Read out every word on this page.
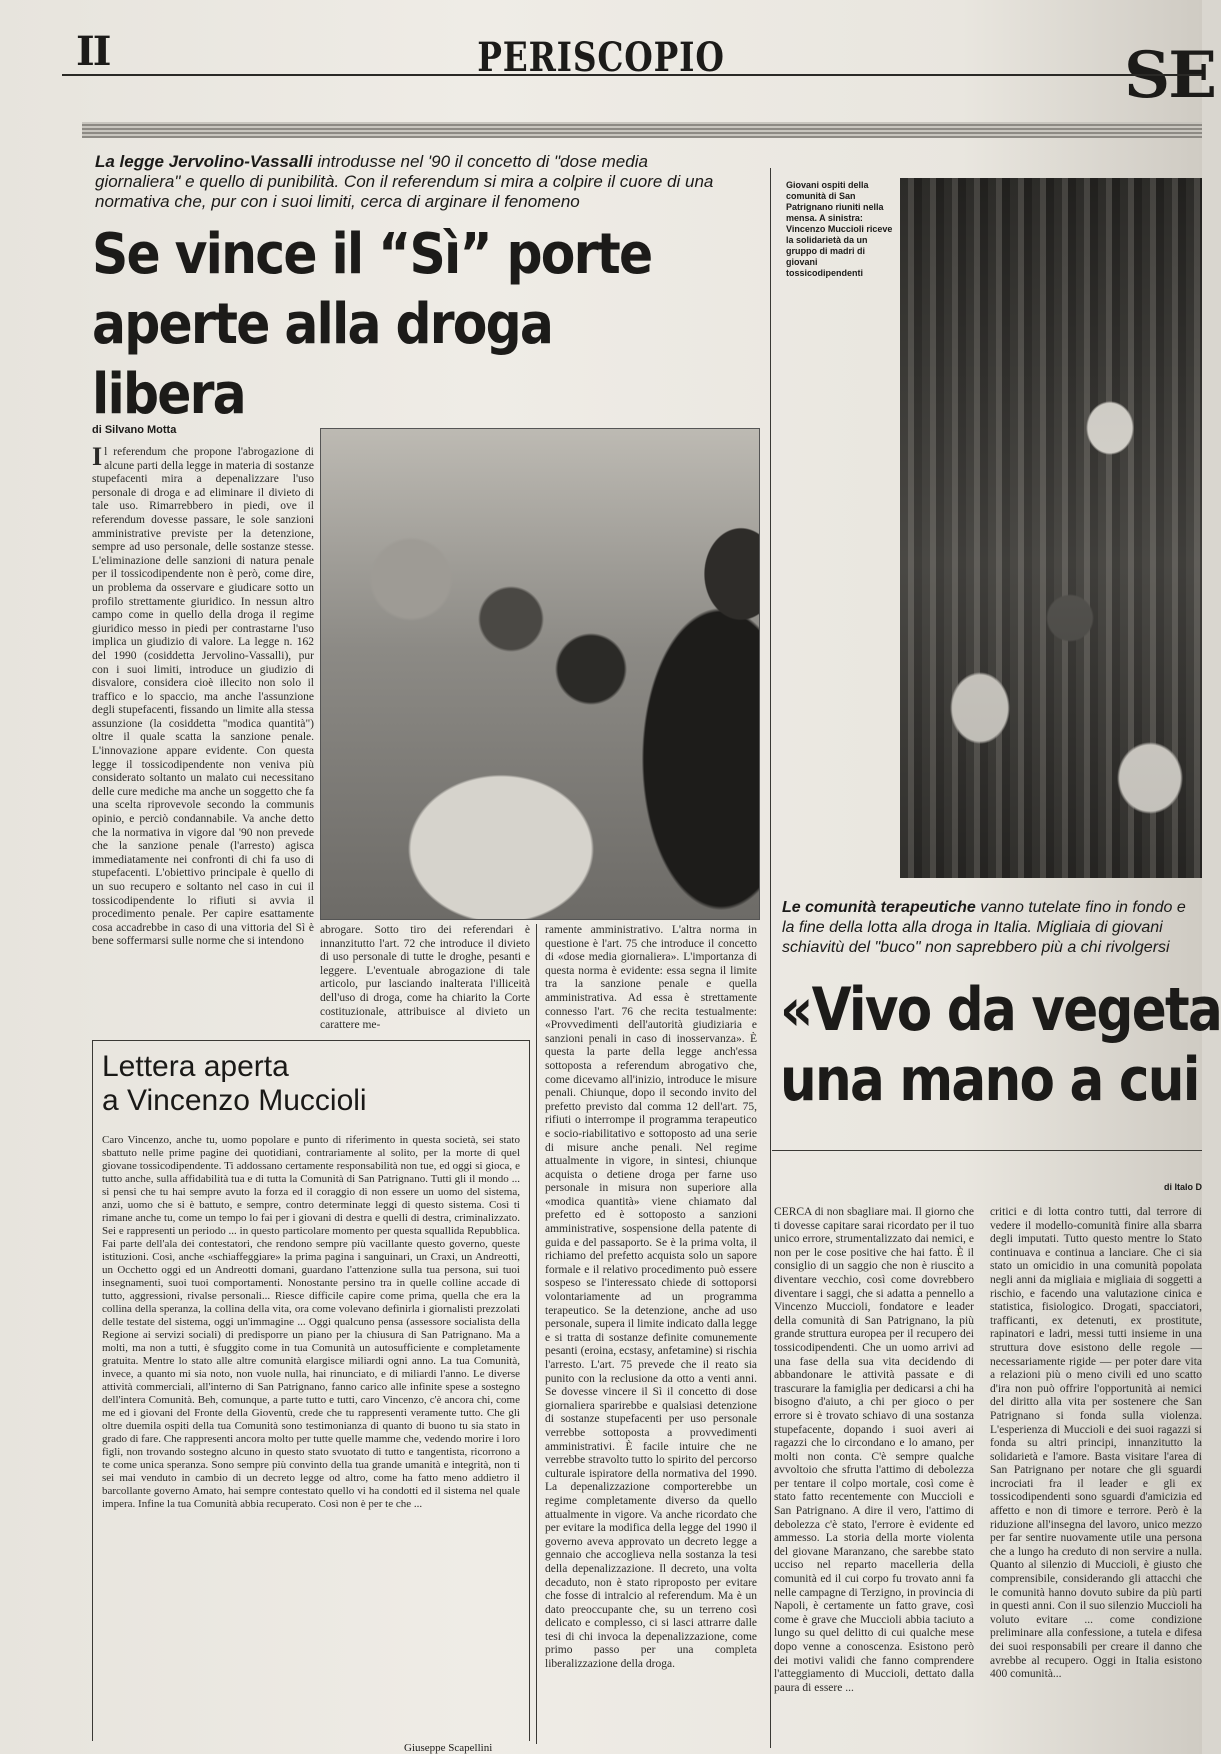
II	PERISCOPIO	SE
La legge Jervolino-Vassalli introdusse nel '90 il concetto di "dose media giornaliera" e quello di punibilità. Con il referendum si mira a colpire il cuore di una normativa che, pur con i suoi limiti, cerca di arginare il fenomeno
Se vince il “Sì” porte
aperte alla droga libera
di Silvano Motta
Il referendum che propone l'abrogazione di alcune parti della legge in materia di sostanze stupefacenti mira a depenalizzare l'uso personale di droga e ad eliminare il divieto di tale uso. Rimarrebbero in piedi, ove il referendum dovesse passare, le sole sanzioni amministrative previste per la detenzione, sempre ad uso personale, delle sostanze stesse. L'eliminazione delle sanzioni di natura penale per il tossicodipendente non è però, come dire, un problema da osservare e giudicare sotto un profilo strettamente giuridico. In nessun altro campo come in quello della droga il regime giuridico messo in piedi per contrastarne l'uso implica un giudizio di valore. La legge n. 162 del 1990 (cosiddetta Jervolino-Vassalli), pur con i suoi limiti, introduce un giudizio di disvalore, considera cioè illecito non solo il traffico e lo spaccio, ma anche l'assunzione degli stupefacenti, fissando un limite alla stessa assunzione (la cosiddetta "modica quantità") oltre il quale scatta la sanzione penale. L'innovazione appare evidente. Con questa legge il tossicodipendente non veniva più considerato soltanto un malato cui necessitano delle cure mediche ma anche un soggetto che fa una scelta riprovevole secondo la communis opinio, e perciò condannabile. Va anche detto che la normativa in vigore dal '90 non prevede che la sanzione penale (l'arresto) agisca immediatamente nei confronti di chi fa uso di stupefacenti. L'obiettivo principale è quello di un suo recupero e soltanto nel caso in cui il tossicodipendente lo rifiuti si avvia il procedimento penale. Per capire esattamente cosa accadrebbe in caso di una vittoria del Sì è bene soffermarsi sulle norme che si intendono
abrogare. Sotto tiro dei referendari è innanzitutto l'art. 72 che introduce il divieto di uso personale di tutte le droghe, pesanti e leggere. L'eventuale abrogazione di tale articolo, pur lasciando inalterata l'illiceità dell'uso di droga, come ha chiarito la Corte costituzionale, attribuisce al divieto un carattere me-
ramente amministrativo. L'altra norma in questione è l'art. 75 che introduce il concetto di «dose media giornaliera». L'importanza di questa norma è evidente: essa segna il limite tra la sanzione penale e quella amministrativa. Ad essa è strettamente connesso l'art. 76 che recita testualmente: «Provvedimenti dell'autorità giudiziaria e sanzioni penali in caso di inosservanza». È questa la parte della legge anch'essa sottoposta a referendum abrogativo che, come dicevamo all'inizio, introduce le misure penali. Chiunque, dopo il secondo invito del prefetto previsto dal comma 12 dell'art. 75, rifiuti o interrompe il programma terapeutico e socio-riabilitativo e sottoposto ad una serie di misure anche penali. Nel regime attualmente in vigore, in sintesi, chiunque acquista o detiene droga per farne uso personale in misura non superiore alla «modica quantità» viene chiamato dal prefetto ed è sottoposto a sanzioni amministrative, sospensione della patente di guida e del passaporto. Se è la prima volta, il richiamo del prefetto acquista solo un sapore formale e il relativo procedimento può essere sospeso se l'interessato chiede di sottoporsi volontariamente ad un programma terapeutico. Se la detenzione, anche ad uso personale, supera il limite indicato dalla legge e si tratta di sostanze definite comunemente pesanti (eroina, ecstasy, anfetamine) si rischia l'arresto. L'art. 75 prevede che il reato sia punito con la reclusione da otto a venti anni. Se dovesse vincere il Sì il concetto di dose giornaliera sparirebbe e qualsiasi detenzione di sostanze stupefacenti per uso personale verrebbe sottoposta a provvedimenti amministrativi. È facile intuire che ne verrebbe stravolto tutto lo spirito del percorso culturale ispiratore della normativa del 1990. La depenalizzazione comporterebbe un regime completamente diverso da quello attualmente in vigore. Va anche ricordato che per evitare la modifica della legge del 1990 il governo aveva approvato un decreto legge a gennaio che accoglieva nella sostanza la tesi della depenalizzazione. Il decreto, una volta decaduto, non è stato riproposto per evitare che fosse di intralcio al referendum. Ma è un dato preoccupante che, su un terreno così delicato e complesso, ci si lasci attrarre dalle tesi di chi invoca la depenalizzazione, come primo passo per una completa liberalizzazione della droga.
Giovani ospiti della comunità di San Patrignano riuniti nella mensa. A sinistra: Vincenzo Muccioli riceve la solidarietà da un gruppo di madri di giovani tossicodipendenti
Le comunità terapeutiche vanno tutelate fino in fondo e
la fine della lotta alla droga in Italia. Migliaia di giovani
schiavitù del "buco" non saprebbero più a chi rivolgersi
«Vivo da vegeta
una mano a cui
di Italo D
CERCA di non sbagliare mai. Il giorno che ti dovesse capitare sarai ricordato per il tuo unico errore, strumentalizzato dai nemici, e non per le cose positive che hai fatto. È il consiglio di un saggio che non è riuscito a diventare vecchio, così come dovrebbero diventare i saggi, che si adatta a pennello a Vincenzo Muccioli, fondatore e leader della comunità di San Patrignano, la più grande struttura europea per il recupero dei tossicodipendenti. Che un uomo arrivi ad una fase della sua vita decidendo di abbandonare le attività passate e di trascurare la famiglia per dedicarsi a chi ha bisogno d'aiuto, a chi per gioco o per errore si è trovato schiavo di una sostanza stupefacente, dopando i suoi averi ai ragazzi che lo circondano e lo amano, per molti non conta. C'è sempre qualche avvoltoio che sfrutta l'attimo di debolezza per tentare il colpo mortale, così come è stato fatto recentemente con Muccioli e San Patrignano. A dire il vero, l'attimo di debolezza c'è stato, l'errore è evidente ed ammesso. La storia della morte violenta del giovane Maranzano, che sarebbe stato ucciso nel reparto macelleria della comunità ed il cui corpo fu trovato anni fa nelle campagne di Terzigno, in provincia di Napoli, è certamente un fatto grave, così come è grave che Muccioli abbia taciuto a lungo su quel delitto di cui qualche mese dopo venne a conoscenza. Esistono però dei motivi validi che fanno comprendere l'atteggiamento di Muccioli, dettato dalla paura di essere ...
critici e di lotta contro tutti, dal terrore di vedere il modello-comunità finire alla sbarra degli imputati. Tutto questo mentre lo Stato continuava e continua a lanciare. Che ci sia stato un omicidio in una comunità popolata negli anni da migliaia e migliaia di soggetti a rischio, e facendo una valutazione cinica e statistica, fisiologico. Drogati, spacciatori, trafficanti, ex detenuti, ex prostitute, rapinatori e ladri, messi tutti insieme in una struttura dove esistono delle regole — necessariamente rigide — per poter dare vita a relazioni più o meno civili ed uno scatto d'ira non può offrire l'opportunità ai nemici del diritto alla vita per sostenere che San Patrignano si fonda sulla violenza. L'esperienza di Muccioli e dei suoi ragazzi si fonda su altri principi, innanzitutto la solidarietà e l'amore. Basta visitare l'area di San Patrignano per notare che gli sguardi incrociati fra il leader e gli ex tossicodipendenti sono sguardi d'amicizia ed affetto e non di timore e terrore. Però è la riduzione all'insegna del lavoro, unico mezzo per far sentire nuovamente utile una persona che a lungo ha creduto di non servire a nulla. Quanto al silenzio di Muccioli, è giusto che comprensibile, considerando gli attacchi che le comunità hanno dovuto subire da più parti in questi anni. Con il suo silenzio Muccioli ha voluto evitare ... come condizione preliminare alla confessione, a tutela e difesa dei suoi responsabili per creare il danno che avrebbe al recupero. Oggi in Italia esistono 400 comunità...
Lettera aperta
a Vincenzo Muccioli
Caro Vincenzo, anche tu, uomo popolare e punto di riferimento in questa società, sei stato sbattuto nelle prime pagine dei quotidiani, contrariamente al solito, per la morte di quel giovane tossicodipendente. Ti addossano certamente responsabilità non tue, ed oggi si gioca, e tutto anche, sulla affidabilità tua e di tutta la Comunità di San Patrignano. Tutti gli il mondo ... si pensi che tu hai sempre avuto la forza ed il coraggio di non essere un uomo del sistema, anzi, uomo che si è battuto, e sempre, contro determinate leggi di questo sistema. Così ti rimane anche tu, come un tempo lo fai per i giovani di destra e quelli di destra, criminalizzato. Sei e rappresenti un periodo ... in questo particolare momento per questa squallida Repubblica. Fai parte dell'ala dei contestatori, che rendono sempre più vacillante questo governo, queste istituzioni. Così, anche «schiaffeggiare» la prima pagina i sanguinari, un Craxi, un Andreotti, un Occhetto oggi ed un Andreotti domani, guardano l'attenzione sulla tua persona, sui tuoi insegnamenti, suoi tuoi comportamenti. Nonostante persino tra in quelle colline accade di tutto, aggressioni, rivalse personali... Riesce difficile capire come prima, quella che era la collina della speranza, la collina della vita, ora come volevano definirla i giornalisti prezzolati delle testate del sistema, oggi un'immagine ... Oggi qualcuno pensa (assessore socialista della Regione ai servizi sociali) di predisporre un piano per la chiusura di San Patrignano. Ma a molti, ma non a tutti, è sfuggito come in tua Comunità un autosufficiente e completamente gratuita. Mentre lo stato alle altre comunità elargisce miliardi ogni anno. La tua Comunità, invece, a quanto mi sia noto, non vuole nulla, hai rinunciato, e di miliardi l'anno. Le diverse attività commerciali, all'interno di San Patrignano, fanno carico alle infinite spese a sostegno dell'intera Comunità. Beh, comunque, a parte tutto e tutti, caro Vincenzo, c'è ancora chi, come me ed i giovani del Fronte della Gioventù, crede che tu rappresenti veramente tutto. Che gli oltre duemila ospiti della tua Comunità sono testimonianza di quanto di buono tu sia stato in grado di fare. Che rappresenti ancora molto per tutte quelle mamme che, vedendo morire i loro figli, non trovando sostegno alcuno in questo stato svuotato di tutto e tangentista, ricorrono a te come unica speranza. Sono sempre più convinto della tua grande umanità e integrità, non ti sei mai venduto in cambio di un decreto legge od altro, come ha fatto meno addietro il barcollante governo Amato, hai sempre contestato quello vi ha condotti ed il sistema nel quale impera. Infine la tua Comunità abbia recuperato. Così non è per te che ...
Giuseppe Scapellini
